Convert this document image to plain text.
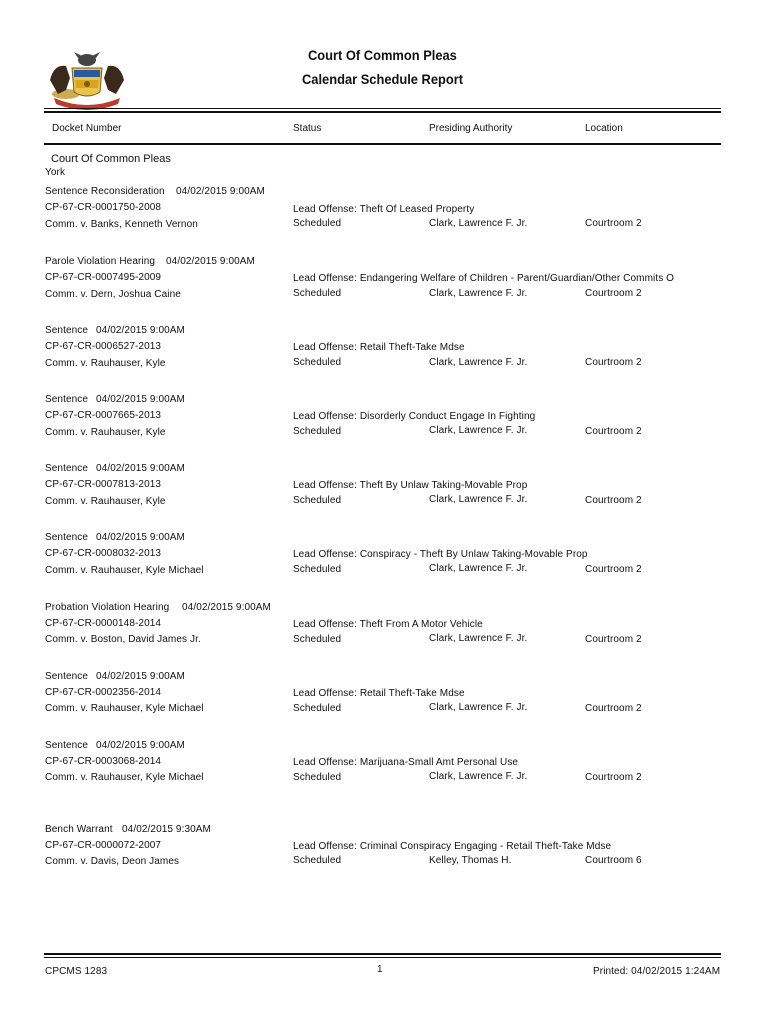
Court Of Common Pleas
Calendar Schedule Report
Docket Number	Status	Presiding Authority	Location
Court Of Common Pleas
York
Sentence Reconsideration 04/02/2015 9:00AM
CP-67-CR-0001750-2008
Comm. v. Banks, Kenneth Vernon
Lead Offense: Theft Of Leased Property
Scheduled	Clark, Lawrence F. Jr.	Courtroom 2
Parole Violation Hearing 04/02/2015 9:00AM
CP-67-CR-0007495-2009
Comm. v. Dern, Joshua Caine
Lead Offense: Endangering Welfare of Children - Parent/Guardian/Other Commits O
Scheduled	Clark, Lawrence F. Jr.	Courtroom 2
Sentence 04/02/2015 9:00AM
CP-67-CR-0006527-2013
Comm. v. Rauhauser, Kyle
Lead Offense: Retail Theft-Take Mdse
Scheduled	Clark, Lawrence F. Jr.	Courtroom 2
Sentence 04/02/2015 9:00AM
CP-67-CR-0007665-2013
Comm. v. Rauhauser, Kyle
Lead Offense: Disorderly Conduct Engage In Fighting
Scheduled	Clark, Lawrence F. Jr.	Courtroom 2
Sentence 04/02/2015 9:00AM
CP-67-CR-0007813-2013
Comm. v. Rauhauser, Kyle
Lead Offense: Theft By Unlaw Taking-Movable Prop
Scheduled	Clark, Lawrence F. Jr.	Courtroom 2
Sentence 04/02/2015 9:00AM
CP-67-CR-0008032-2013
Comm. v. Rauhauser, Kyle Michael
Lead Offense: Conspiracy - Theft By Unlaw Taking-Movable Prop
Scheduled	Clark, Lawrence F. Jr.	Courtroom 2
Probation Violation Hearing 04/02/2015 9:00AM
CP-67-CR-0000148-2014
Comm. v. Boston, David James Jr.
Lead Offense: Theft From A Motor Vehicle
Scheduled	Clark, Lawrence F. Jr.	Courtroom 2
Sentence 04/02/2015 9:00AM
CP-67-CR-0002356-2014
Comm. v. Rauhauser, Kyle Michael
Lead Offense: Retail Theft-Take Mdse
Scheduled	Clark, Lawrence F. Jr.	Courtroom 2
Sentence 04/02/2015 9:00AM
CP-67-CR-0003068-2014
Comm. v. Rauhauser, Kyle Michael
Lead Offense: Marijuana-Small Amt Personal Use
Scheduled	Clark, Lawrence F. Jr.	Courtroom 2
Bench Warrant 04/02/2015 9:30AM
CP-67-CR-0000072-2007
Comm. v. Davis, Deon James
Lead Offense: Criminal Conspiracy Engaging - Retail Theft-Take Mdse
Scheduled	Kelley, Thomas H.	Courtroom 6
CPCMS 1283	1	Printed: 04/02/2015 1:24AM
